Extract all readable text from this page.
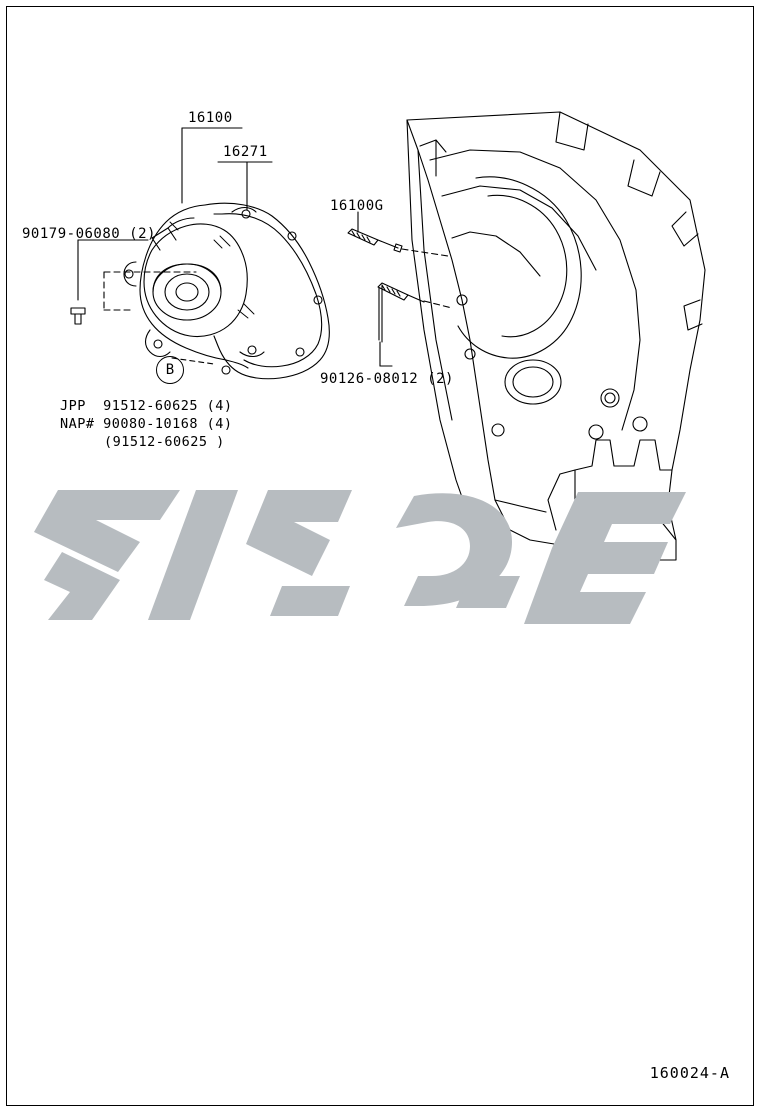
16100
16271
16100G
90179-06080 (2)
90126-08012 (2)
JPP  91512-60625 (4)
NAP# 90080-10168 (4)
(91512-60625 )
B
160024-A
